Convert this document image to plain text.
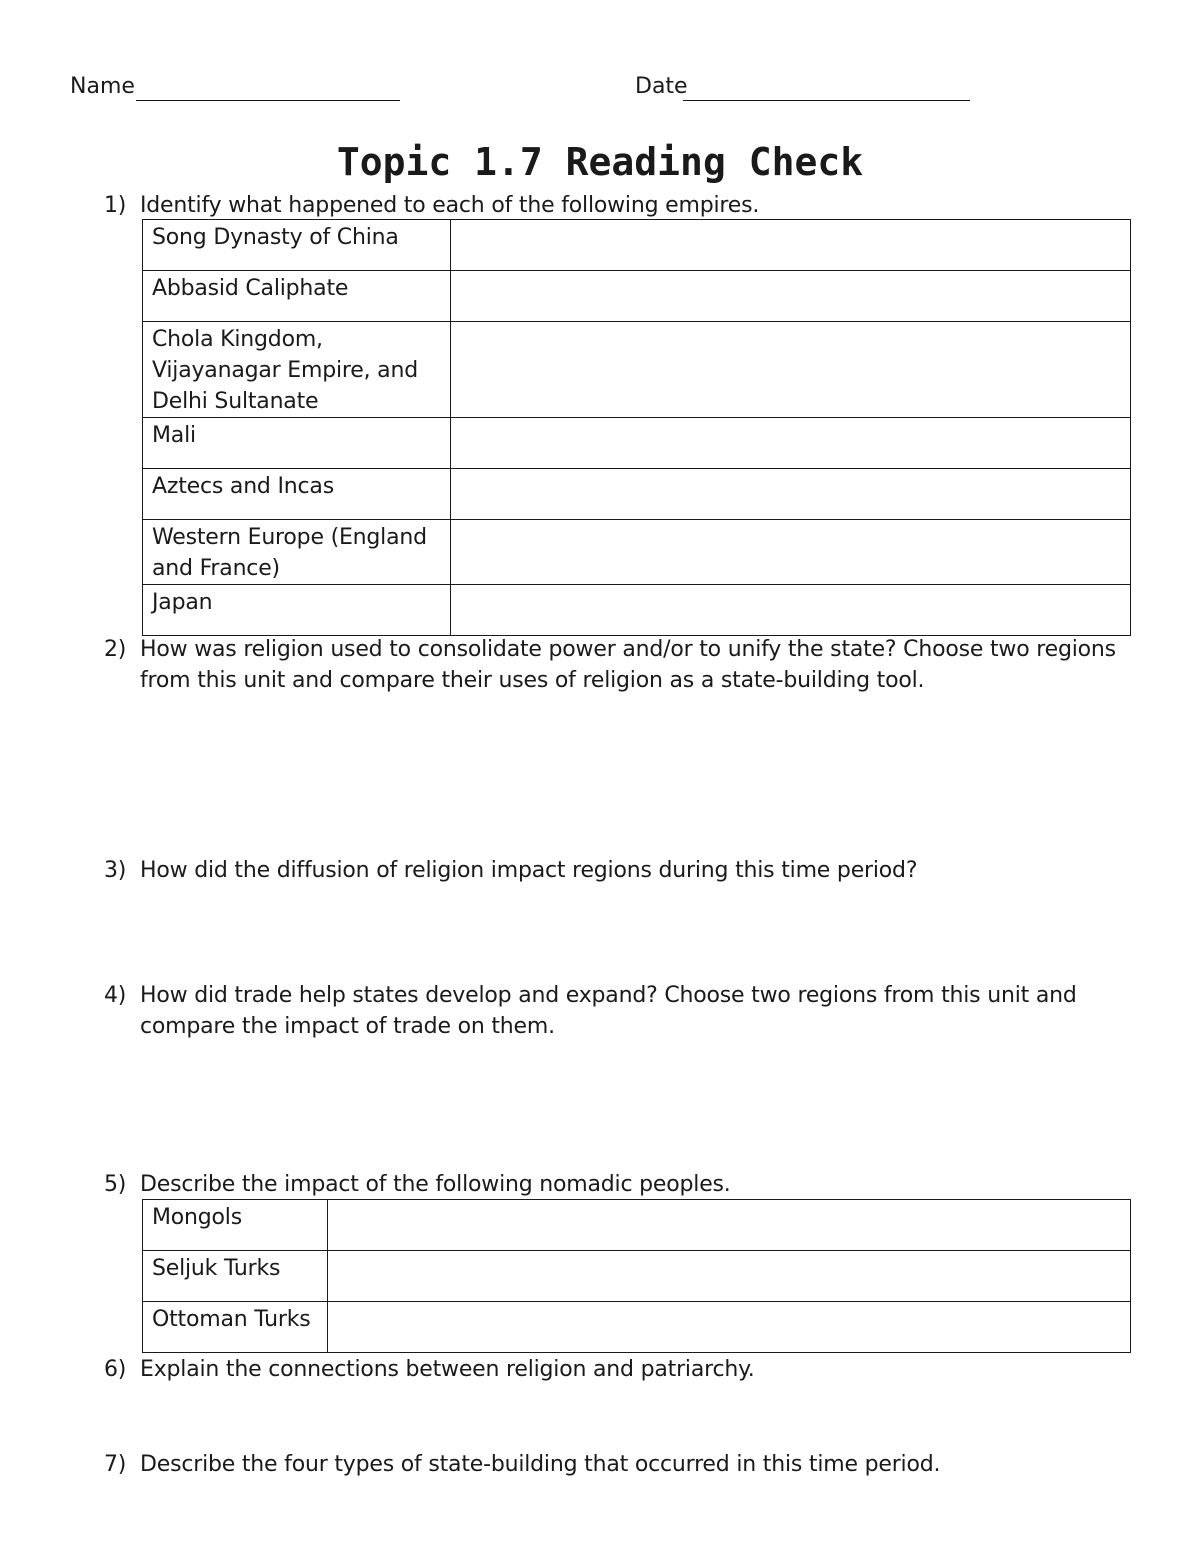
Name	Date
Topic 1.7 Reading Check
1) Identify what happened to each of the following empires.
Song Dynasty of China	
Abbasid Caliphate	
Chola Kingdom, Vijayanagar Empire, and Delhi Sultanate	
Mali	
Aztecs and Incas	
Western Europe (England and France)	
Japan	
2) How was religion used to consolidate power and/or to unify the state? Choose two regions from this unit and compare their uses of religion as a state-building tool.
3) How did the diffusion of religion impact regions during this time period?
4) How did trade help states develop and expand? Choose two regions from this unit and compare the impact of trade on them.
5) Describe the impact of the following nomadic peoples.
Mongols	
Seljuk Turks	
Ottoman Turks	
6) Explain the connections between religion and patriarchy.
7) Describe the four types of state-building that occurred in this time period.
